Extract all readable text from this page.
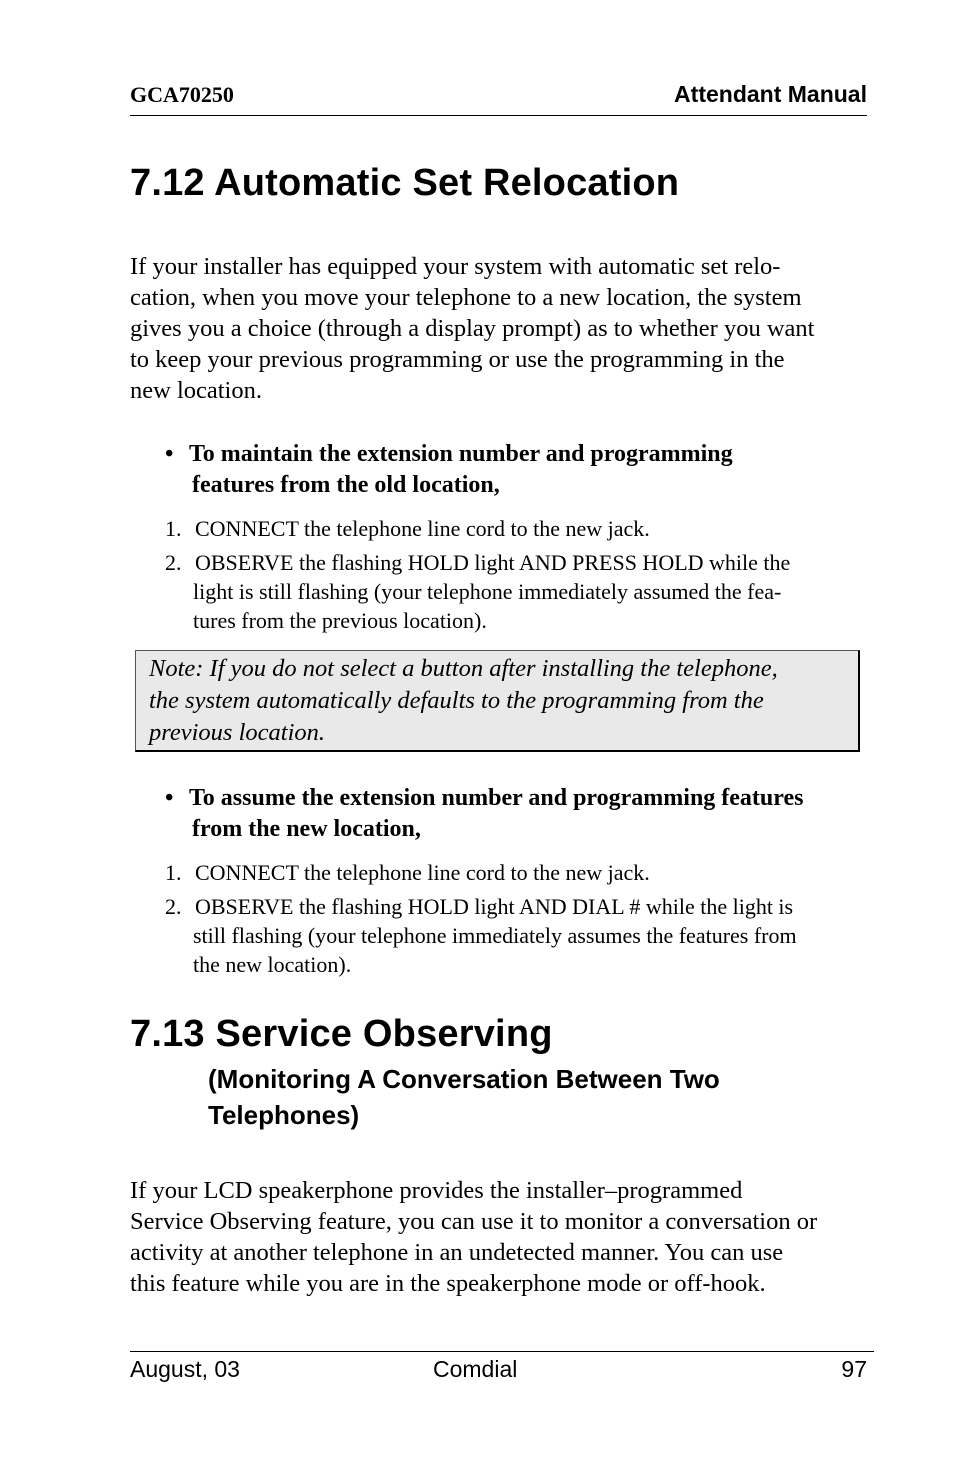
GCA70250	Attendant Manual
7.12 Automatic Set Relocation
If your installer has equipped your system with automatic set relo-
cation, when you move your telephone to a new location, the system
gives you a choice (through a display prompt) as to whether you want
to keep your previous programming or use the programming in the
new location.
• To maintain the extension number and programming
features from the old location,
1. CONNECT the telephone line cord to the new jack.
2. OBSERVE the flashing HOLD light AND PRESS HOLD while the
light is still flashing (your telephone immediately assumed the fea-
tures from the previous location).
Note: If you do not select a button after installing the telephone,
the system automatically defaults to the programming from the
previous location.
• To assume the extension number and programming features
from the new location,
1. CONNECT the telephone line cord to the new jack.
2. OBSERVE the flashing HOLD light AND DIAL # while the light is
still flashing (your telephone immediately assumes the features from
the new location).
7.13 Service Observing
(Monitoring A Conversation Between Two
Telephones)
If your LCD speakerphone provides the installer–programmed
Service Observing feature, you can use it to monitor a conversation or
activity at another telephone in an undetected manner. You can use
this feature while you are in the speakerphone mode or off-hook.
August, 03	Comdial	97
